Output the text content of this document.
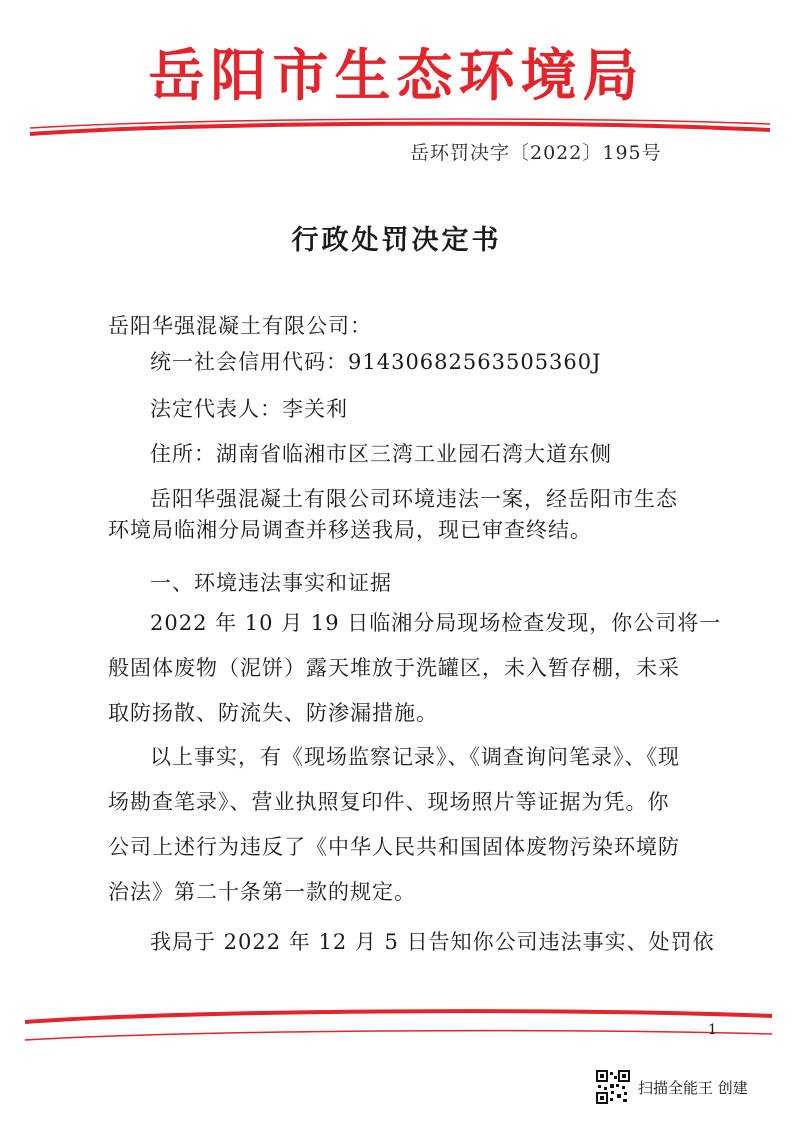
岳阳市生态环境局
岳环罚决字〔2022〕195号
行政处罚决定书
岳阳华强混凝土有限公司：
统一社会信用代码：91430682563505360J
法定代表人：李关利
住所：湖南省临湘市区三湾工业园石湾大道东侧
岳阳华强混凝土有限公司环境违法一案，经岳阳市生态
环境局临湘分局调查并移送我局，现已审查终结。
一、环境违法事实和证据
2022 年 10 月 19 日临湘分局现场检查发现，你公司将一
般固体废物（泥饼）露天堆放于洗罐区，未入暂存棚，未采
取防扬散、防流失、防渗漏措施。
以上事实，有《现场监察记录》、《调查询问笔录》、《现
场勘查笔录》、营业执照复印件、现场照片等证据为凭。你
公司上述行为违反了《中华人民共和国固体废物污染环境防
治法》第二十条第一款的规定。
我局于 2022 年 12 月 5 日告知你公司违法事实、处罚依
1
扫描全能王 创建
